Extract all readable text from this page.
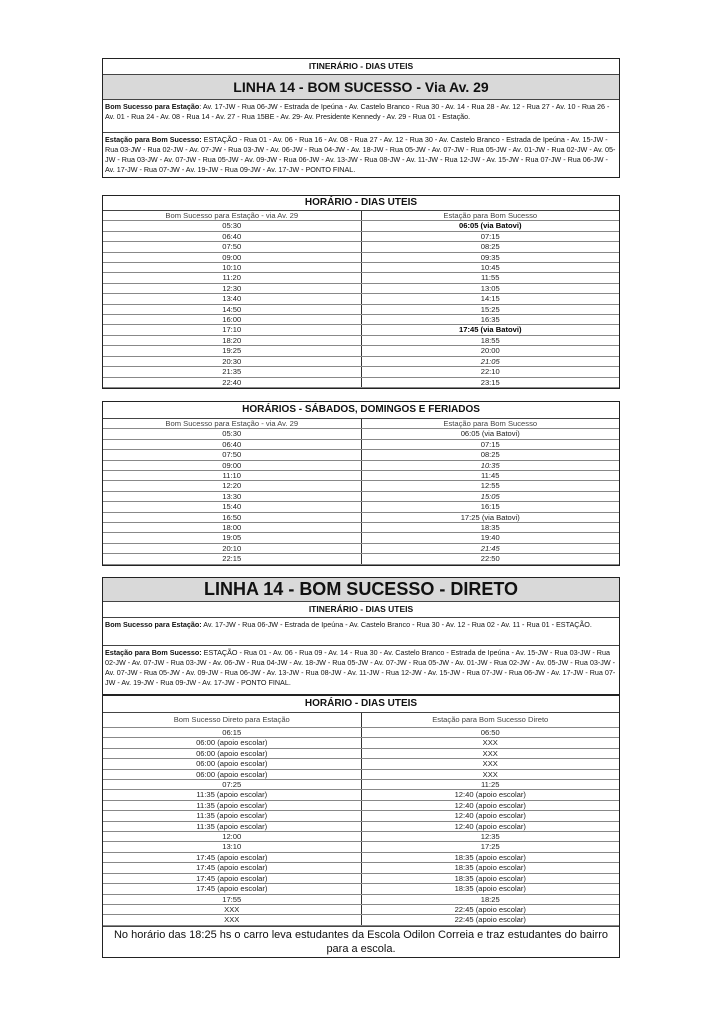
ITINERÁRIO - DIAS UTEIS
LINHA 14 - BOM SUCESSO - Via Av. 29
Bom Sucesso para Estação: Av. 17-JW - Rua 06-JW - Estrada de Ipeúna - Av. Castelo Branco - Rua 30 - Av. 14 - Rua 28 - Av. 12 - Rua 27 - Av. 10 - Rua 26 - Av. 01 - Rua 24 - Av. 08 - Rua 14 - Av. 27 - Rua 15BE - Av. 29- Av. Presidente Kennedy - Av. 29 - Rua 01 - Estação.
Estação para Bom Sucesso: ESTAÇÃO - Rua 01 - Av. 06 - Rua 16 - Av. 08 - Rua 27 - Av. 12 - Rua 30 - Av. Castelo Branco - Estrada de Ipeúna - Av. 15-JW - Rua 03-JW - Rua 02-JW - Av. 07-JW - Rua 03-JW - Av. 06-JW - Rua 04-JW - Av. 18-JW - Rua 05-JW - Av. 07-JW - Rua 05-JW - Av. 01-JW - Rua 02-JW - Av. 05-JW - Rua 03-JW - Av. 07-JW - Rua 05-JW - Av. 09-JW - Rua 06-JW - Av. 13-JW - Rua 08-JW - Av. 11-JW - Rua 12-JW - Av. 15-JW - Rua 07-JW - Rua 06-JW - Av. 17-JW - Rua 07-JW - Av. 19-JW - Rua 09-JW - Av. 17-JW - PONTO FINAL.
HORÁRIO - DIAS UTEIS
Bom Sucesso para Estação - via Av. 29	Estação para Bom Sucesso
05:30	06:05 (via Batovi)
06:40	07:15
07:50	08:25
09:00	09:35
10:10	10:45
11:20	11:55
12:30	13:05
13:40	14:15
14:50	15:25
16:00	16:35
17:10	17:45 (via Batovi)
18:20	18:55
19:25	20:00
20:30	21:05
21:35	22:10
22:40	23:15
HORÁRIOS - SÁBADOS, DOMINGOS E FERIADOS
Bom Sucesso para Estação - via Av. 29	Estação para Bom Sucesso
05:30	06:05 (via Batovi)
06:40	07:15
07:50	08:25
09:00	10:35
11:10	11:45
12:20	12:55
13:30	15:05
15:40	16:15
16:50	17:25 (via Batovi)
18:00	18:35
19:05	19:40
20:10	21:45
22:15	22:50
LINHA 14 - BOM SUCESSO - DIRETO
ITINERÁRIO - DIAS UTEIS
Bom Sucesso para Estação: Av. 17-JW - Rua 06-JW - Estrada de Ipeúna - Av. Castelo Branco - Rua 30 - Av. 12 - Rua 02 - Av. 11 - Rua 01 - ESTAÇÃO.
Estação para Bom Sucesso: ESTAÇÃO - Rua 01 - Av. 06 - Rua 09 - Av. 14 - Rua 30 - Av. Castelo Branco - Estrada de Ipeúna - Av. 15-JW - Rua 03-JW - Rua 02-JW - Av. 07-JW - Rua 03-JW - Av. 06-JW - Rua 04-JW - Av. 18-JW - Rua 05-JW - Av. 07-JW - Rua 05-JW - Av. 01-JW - Rua 02-JW - Av. 05-JW - Rua 03-JW - Av. 07-JW - Rua 05-JW - Av. 09-JW - Rua 06-JW - Av. 13-JW - Rua 08-JW - Av. 11-JW - Rua 12-JW - Av. 15-JW - Rua 07-JW - Rua 06-JW - Av. 17-JW - Rua 07-JW - Av. 19-JW - Rua 09-JW - Av. 17-JW - PONTO FINAL.
HORÁRIO - DIAS UTEIS
Bom Sucesso Direto para Estação	Estação para Bom Sucesso Direto
06:15	06:50
06:00 (apoio escolar)	XXX
06:00 (apoio escolar)	XXX
06:00 (apoio escolar)	XXX
06:00 (apoio escolar)	XXX
07:25	11:25
11:35 (apoio escolar)	12:40 (apoio escolar)
11:35 (apoio escolar)	12:40 (apoio escolar)
11:35 (apoio escolar)	12:40 (apoio escolar)
11:35 (apoio escolar)	12:40 (apoio escolar)
12:00	12:35
13:10	17:25
17:45 (apoio escolar)	18:35 (apoio escolar)
17:45 (apoio escolar)	18:35 (apoio escolar)
17:45 (apoio escolar)	18:35 (apoio escolar)
17:45 (apoio escolar)	18:35 (apoio escolar)
17:55	18:25
XXX	22:45 (apoio escolar)
XXX	22:45 (apoio escolar)
No horário das 18:25 hs o carro leva estudantes da Escola Odilon Correia e traz estudantes do bairro para a escola.
